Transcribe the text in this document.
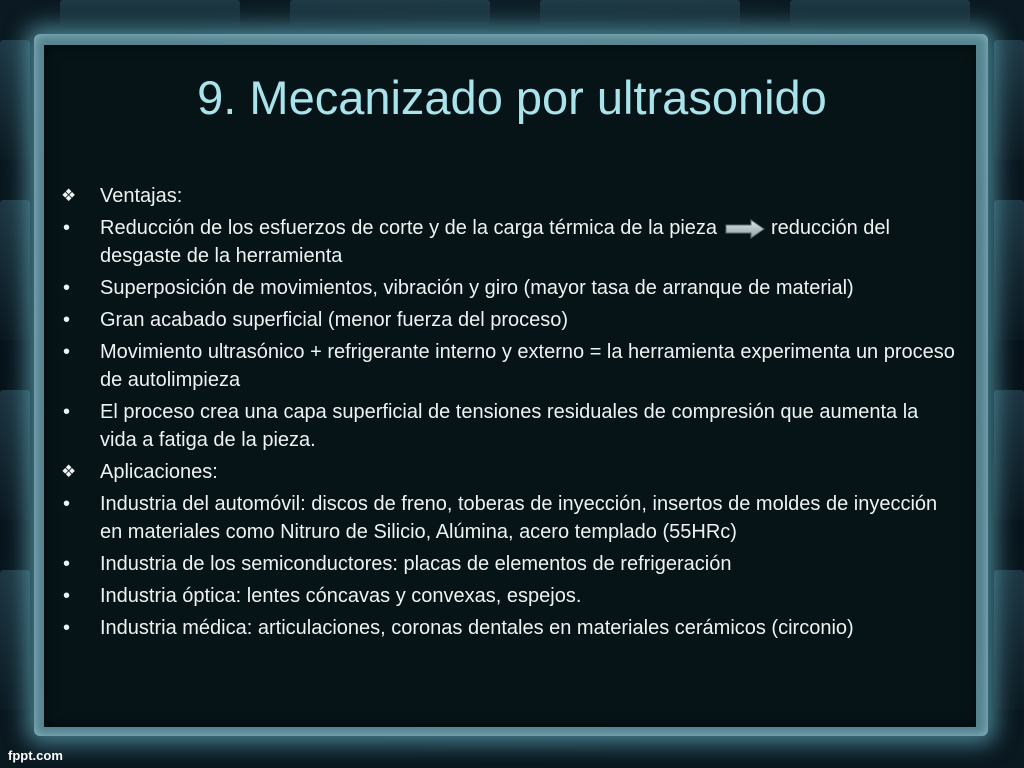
9. Mecanizado por ultrasonido
❖	Ventajas:
•	Reducción de los esfuerzos de corte y de la carga térmica de la pieza	reducción del desgaste de la herramienta
•	Superposición de movimientos, vibración y giro (mayor tasa de arranque de material)
•	Gran acabado superficial (menor fuerza del proceso)
•	Movimiento ultrasónico + refrigerante interno y externo = la herramienta experimenta un proceso de autolimpieza
•	El proceso crea una capa superficial de tensiones residuales de compresión que aumenta la vida a fatiga de la pieza.
❖	Aplicaciones:
•	Industria del automóvil: discos de freno, toberas de inyección, insertos de moldes de inyección en materiales como Nitruro de Silicio, Alúmina, acero templado (55HRc)
•	Industria de los semiconductores: placas de elementos de refrigeración
•	Industria óptica: lentes cóncavas y convexas, espejos.
•	Industria médica: articulaciones, coronas dentales en materiales cerámicos (circonio)
fppt.com
